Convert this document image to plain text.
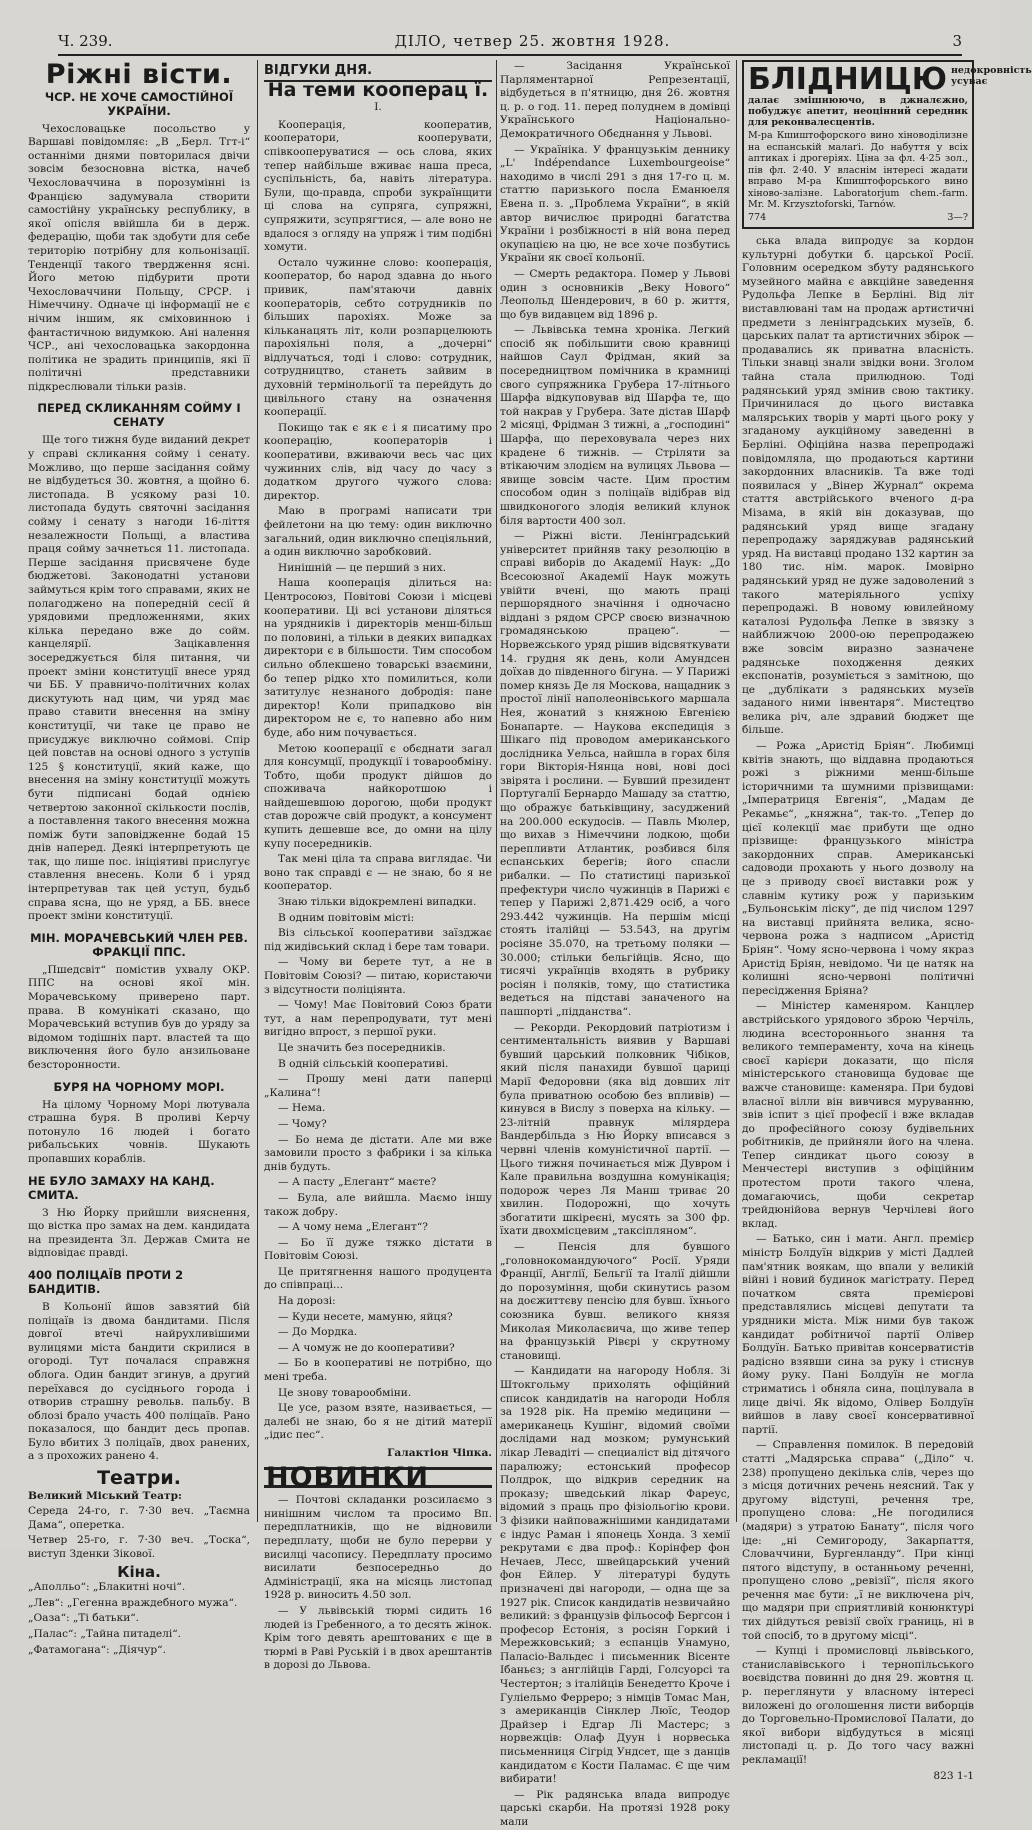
Ч. 239.	ДІЛО, четвер 25. жовтня 1928.	3
Ріжні вісти.
ЧСР. НЕ ХОЧЕ САМОСТІЙНОЇ УКРАЇНИ.

Чехословацьке посольство у Варшаві повідомляє: „В „Берл. Тгт-і“ останніми днями повторилася двічи зовсім безосновна вістка, начеб Чехословаччина в порозумінні із Францією задумувала створити самостійну українську республику, в якої опісля ввійшла би в держ. федерацію, щоби так здобути для себе територію потрібну для кольонізації. Тенденції такого твердження ясні. Його метою підбурити проти Чехословаччини Польщу, СРСР. і Німеччину. Одначе ці інформації не є нічим іншим, як сміховинною і фантастичною видумкою. Ані налення ЧСР., ані чехословацька закордонна політика не зрадить принципів, які її політичні представники підкреслювали тільки разів.

ПЕРЕД СКЛИКАННЯМ СОЙМУ І СЕНАТУ

Ще того тижня буде виданий декрет у справі скликання сойму і сенату. Можливо, що перше засідання сойму не відбудеться 30. жовтня, а щойно 6. листопада. В усякому разі 10. листопада будуть святочні засідання сойму і сенату з нагоди 16-ліття незалежности Польщі, а властива праця сойму зачнеться 11. листопада. Перше засідання присвячене буде бюджетові. Законодатні установи займуться крім того справами, яких не полагоджено на попередній сесії й урядовими предложеннями, яких кілька передано вже до сойм. канцелярії. Зацікавлення зосереджується біля питання, чи проект зміни конституції внесе уряд чи ББ. У правничо-політичних колах дискутують над цим, чи уряд має право ставити внесення на зміну конституції, чи таке це право не присуджує виключно соймові. Спір цей повстав на основі одного з уступів 125 § конституції, який каже, що внесення на зміну конституції можуть бути підписані бодай однією четвертою законної скількости послів, а поставлення такого внесення можна поміж бути заповідженне бодай 15 днів наперед. Деякі інтерпретують це так, що лише пос. ініціятиві прислугує ставлення внесень. Коли б і уряд інтерпретував так цей уступ, будьб справа ясна, що не уряд, а ББ. внесе проект зміни конституції.

МІН. МОРАЧЕВСЬКИЙ ЧЛЕН РЕВ. ФРАКЦІЇ ППС.

„Пшедсвіт“ помістив ухвалу ОКР. ППС на основі якої мін. Морачевському приверено парт. права. В комунікаті сказано, що Морачевський вступив був до уряду за відомом тодішніх парт. властей та що виключення його було анзильоване безсторонности.

БУРЯ НА ЧОРНОМУ МОРІ.

На цілому Чорному Морі лютувала страшна буря. В проливі Керчу потонуло 16 людей і богато рибальських човнів. Шукають пропавших кораблів.

НЕ БУЛО ЗАМАХУ НА КАНД. СМИТА.

З Ню Йорку прийшли вияснення, що вістка про замах на дем. кандидата на президента Зл. Держав Смита не відповідає правді.

400 ПОЛІЦАЇВ ПРОТИ 2 БАНДИТІВ.

В Кольонії йшов завзятий бій поліцаїв із двома бандитами. Після довгої втечі найрухливішими вулицями міста бандити скрилися в огороді. Тут почалася справжня облога. Один бандит згинув, а другий переїхався до сусіднього города і отворив страшну револьв. пальбу. В облозі брало участь 400 поліцаїв. Рано показалося, що бандит десь пропав. Було вбитих 3 поліцаїв, двох ранених, а з прохожих ранено 4.

Театри.

Великий Міський Театр:

Середа 24-го, г. 7·30 веч. „Таємна Дама“, оперетка.

Четвер 25-го, г. 7·30 веч. „Тоска“, виступ Зденки Зікової.

Кіна.

„Аполльо“: „Блакитні ночі“.

„Лев“: „Гегенна враждебного мужа“.

„Оаза“: „Ті батьки“.

„Палас“: „Тайна питаделі“.

„Фатамоганa“: „Діячур“.

ВІДГУКИ ДНЯ.
На теми кооперац ї.
I.

Кооперація, кооператив, кооператори, кооперувати, співкооперуватися — ось слова, яких тепер найбільше вживає наша преса, суспільність, ба, навіть література. Були, що-правда, спроби зукраїнщити ці слова на супряга, супряжні, супряжити, зсупрягтися, — але воно не вдалося з огляду на упряж і тим подібні хомути.

Остало чужинне слово: кооперація, кооператор, бо народ здавна до нього привик, пам'ятаючи давніх кооператорів, себто сотрудників по більших парохіях. Може за кільканацять літ, коли розпарцелюють парохіяльні поля, а „дочерні“ відлучаться, тоді і слово: сотрудник, сотрудництво, станеть зайвим в духовній термінольогії та перейдуть до цивільного стану на означення кооперації.

Покищо так є як є і я писатиму про кооперацію, кооператорів і кооперативи, вживаючи весь час цих чужинних слів, від часу до часу з додатком другого чужого слова: директор.

Маю в програмі написати три фейлетони на цю тему: один виключно загальний, один виключно спеціяльний, а один виключно заробковий.

Нинішній — це перший з них.

Наша кооперація ділиться на: Центросоюз, Повітові Союзи і місцеві кооперативи. Ці всі установи діляться на урядників і директорів менш-більш по половині, а тільки в деяких випадках директори є в більшости. Тим способом сильно облекшено товарські взаємини, бо тепер рідко хто помилиться, коли затитулує незнаного добродія: пане директор! Коли припадково він директором не є, то напевно або ним буде, або ним почувається.

Метою кооперації є обєднати загал для консумції, продукції і товарообміну. Тобто, щоби продукт дійшов до споживача найкоротшою і найдешевшою дорогою, щоби продукт став дорожче свій продукт, а консумент купить дешевше все, до омни на цілу купу посередників.

Так мені ціла та справа виглядає. Чи воно так справді є — не знаю, бо я не кооператор.

Знаю тільки відокремлені випадки.

В одним повітовім місті:

Віз сільської кооперативи заїзджає під жидівський склад і бере там товари.

— Чому ви берете тут, а не в Повітовім Союзі? — питаю, користаючи з відсутности поліціянта.

— Чому! Має Повітовий Союз брати тут, а нам перепродувати, тут мені вигідно впрост, з першої руки.

Це значить без посередників.

В одній сільській кооперативі.

— Прошу мені дати паперці „Калина“!

— Нема.

— Чому?

— Бо нема де дістати. Але ми вже замовили просто з фабрики і за кілька днів будуть.

— А пасту „Елегант“ маєте?

— Була, але вийшла. Маємо іншу також добру.

— А чому нема „Елегант“?

— Бо її дуже тяжко дістати в Повітовім Союзі.

Це притягнення нашого продуцента до співпраці...

На дорозі:

— Куди несете, мамуню, яйця?

— До Мордка.

— А чомуж не до кооперативи?

— Бо в кооперативі не потрібно, що мені треба.

Це знову товарообміни.

Це усе, разом взяте, називається, — далебі не знаю, бо я не дітий матерії „ідис пес“.

Галактіон Чіпка.
НОВИНКИ

— Почтові складанки розсилаємо з нинішним числом та просимо Вп. передплатників, що не відновили передплату, щоби не було перерви у висилці часопису. Передплату просимо висилати безпосередньо до Адміністрації, яка на місяць листопад 1928 р. виносить 4.50 зол.

— У львівській тюрмі сидить 16 людей із Гребенного, а то десять жінок. Крім того девять арештованих є ще в тюрмі в Раві Руській і в двох арештантів в дорозі до Львова.

— Засідання Української Парляментарної Репрезентації, відбудеться в п'ятницю, дня 26. жовтня ц. р. о год. 11. перед полуднем в домівці Українського Національно-Демократичного Обєднання у Львові.

— Україніка. У французькім деннику „L' Indépendance Luxembourgeoise“ находимо в числі 291 з дня 17-го ц. м. статтю паризького посла Еманюеля Евена п. з. „Проблема України“, в якій автор вичислює природні багатства України і розбіжності в ній вона перед окупацією на цю, не все хоче позбутись України як своєї кольонії.

— Смерть редактора. Помер у Львові один з основників „Веку Нового“ Леопольд Шендерович, в 60 р. життя, що був видавцем від 1896 р.

— Львівська темна хроніка. Легкий спосіб як побільшити свою кравниці найшов Саул Фрідман, який за посередництвом помічника в крамниці свого супряжника Грубера 17-літнього Шарфа відкуповував від Шарфа те, що той накрав у Грубера. Зате дістав Шарф 2 місяці, Фрідман 3 тижні, а „господині“ Шарфа, що переховувала через них крадене 6 тижнів. — Стріляти за втікаючим злодієм на вулицях Львова — явище зовсім часте. Цим простим способом один з поліцаїв відібрав від швидконогого злодія великий клунок біля вартости 400 зол.

— Ріжні вісти. Ленінградський університет прийняв таку резолюцію в справі виборів до Академії Наук: „До Всесоюзної Академії Наук можуть увійти вчені, що мають праці першорядного значіння і одночасно віддані з рядом СРСР своєю визначною громадянською працею“. — Норвежського уряд рішив відсвяткувати 14. грудня як день, коли Амундсен доїхав до південного бігуна. — У Парижі помер князь Де ля Москова, нащадник з простої лінії наполеонівського маршала Нея, жонатий з княжною Евгенією Бонапарте. — Наукова експедиція з Шікаго під проводом американського дослідника Уельса, найшла в горах біля гори Вікторія-Нянца нові, нові досі звірята і рослини. — Бувший президент Португалії Бернардо Машаду за статтю, що ображує батьківщину, засуджений на 200.000 ескудосів. — Павль Мюлер, що вихав з Німеччини лодкою, щоби перепливти Атлантик, розбився біля еспанських берегів; його спасли рибалки. — По статистиці паризької префектури число чужинців в Парижі є тепер у Парижі 2,871.429 осіб, а чого 293.442 чужинців. На першім місці стоять італійці — 53.543, на другім росіяне 35.070, на третьому поляки — 30.000; стільки бельгійців. Ясно, що тисячі українців входять в рубрику росіян і поляків, тому, що статистика ведеться на підставі заначеного на пашпорті „підданства“.

— Рекорди. Рекордовий патріотизм і сентиментальність виявив у Варшаві бувший царський полковник Чібіков, який після панахиди бувшої цариці Марії Федоровни (яка від довших літ була приватною особою без впливів) — кинувся в Вислу з поверха на кільку. — 23-літній правнук мілярдера Вандербільда з Ню Йорку вписався з червні членів комуністичної партії. — Цього тижня починається між Дувром і Кале правильна воздушна комунікація; подорож через Ля Манш триває 20 хвилин. Подорожні, що хочуть збогатити шкіреєні, мусять за 300 фр. їхати двохмісцевим „таксіпляном“.

— Пенсія для бувшого „головнокомандуючого“ Росії. Уряди Франції, Англії, Бельгії та Італії дійшли до порозуміння, щоби скинутись разом на доєжиттєву пенсію для бувш. їхнього союзника бувш. великого князя Миколая Миколаєвича, що живе тепер на французькій Рівєрі у скрутному становищі.

— Кандидати на нагороду Нобля. Зі Штокгольму прихолять офіційний список кандидатів на нагороди Нобля за 1928 рік. На премію медицини — американець Кушінг, відомий своїми дослідами над мозком; румунський лікар Левадіті — специаліст від дітячого паралюжу; естонський професор Полдрок, що відкрив середник на проказу; шведський лікар Фареус, відомий з праць про фізіольогію крови. З фізики найповажнішими кандидатами є індус Раман і японець Хонда. З хемії рекрутами є два проф.: Корінфер фон Нечаев, Лесс, швейцарський учений фон Ейлер. У літературі будуть призначені дві нагороди, — одна ще за 1927 рік. Список кандидатів незвичайно великий: з французів фільософ Бергсон і професор Естонія, з росіян Горкий і Мережковський; з еспанців Унамуно, Паласіо-Вальдес і письменник Вісенте Ібаньєз; з англійців Гарді, Голсуорсі та Честертон; з італійців Бенедетто Кроче і Гуліельмо Ферреро; з німців Томас Ман, з американців Сінклер Люїс, Теодор Драйзер і Едгар Лі Мастерс; з норвежців: Олаф Дуун і норвеська письменниця Сігрід Ундсет, ще з данців кандидатом є Кости Паламас. Є ще чим вибирати!

— Рік радянська влада випродує царські скарби. На протязі 1928 року мали

БЛІДНИЦЮ недокровність усуває
далає змішнюючо, в джналєжно, побуджує апетит, неоцінний середник для реконвалесцентів.
М-ра Кшиштофорского вино хіноводілизне на еспанській малаґі. До набуття у всіх аптиках і дрогеріях. Ціна за фл. 4·25 зол., пів фл. 2·40. У власнім інтересі жадати вправо М-ра Кшиштофорського вино хіново-залізне. Laboratorjum chem.-farm. Mr. M. Krzysztoforski, Tarnów.
774	3—?

ська влада випродує за кордон культурні добутки б. царської Росії. Головним осередком збуту радянського музейного майна є авкційне заведення Рудольфа Лепке в Берліні. Від літ виставлювані там на продаж артистичні предмети з ленінградських музеїв, б. царських палат та артистичних збірок — продавались як приватна власність. Тільки знавці знали звідки вони. Зголом тайна стала прилюдною. Тоді радянський уряд змінив свою тактику. Причинилася до цього виставка малярських творів у марті цього року у згаданому аукційному заведенні в Берліні. Офіційна назва перепродажі повідомляла, що продаються картини закордонних власників. Та вже тоді появилася у „Вінер Журнал“ окрема стаття австрійського вченого д-ра Мізама, в якій він доказував, що радянський уряд вище згадану перепродажу заряджував радянський уряд. На виставці продано 132 картин за 180 тис. нім. марок. Імовірно радянський уряд не дуже задоволений з такого матеріяльного успіху перепродажі. В новому ювилейному каталозі Рудольфа Лепке в звязку з найближчою 2000-ою перепродажею вже зовсім виразно зазначене радянське походження деяких експонатів, розуміється з замітною, що це „дублікати з радянських музеїв заданого ними інвентаря“. Мистецтво велика річ, але здравий бюджет ще більше.

— Рожа „Аристід Бріян“. Любимці квітів знають, що віддавна продаються рожі з ріжними менш-більше історичними та шумними прізвищами: „Імператриця Евгенія“, „Мадам де Рекамьє“, „княжна“, так-то. „Тепер до цієї колекції має прибути ще одно прізвище: французького міністра закордонних справ. Американські садоводи прохають у нього дозволу на це з приводу своєї виставки рож у славнім кутику рож у паризьким „Бульонськім ліску“, де під числом 1297 на виставці прийнята велика, ясно-червона рожа з надписом „Аристід Бріян“. Чому ясно-червона і чому якраз Аристід Бріян, невідомо. Чи це натяк на колишні ясно-червоні політичні пересідження Бріяна?

— Міністер каменяром. Канцлер австрійського урядового зброю Черчіль, людина всестороннього знання та великого темпераменту, хоча на кінець своєї карієри доказати, що після міністерського становища будоває ще важче становище: каменяра. При будові власної вілли він вивчився муруванню, звів іспит з цієї професії і вже вкладав до професійного союзу будівельних робітників, де прийняли його на члена. Тепер синдикат цього союзу в Менчестері виступив з офіційним протестом проти такого члена, домагаючись, щоби секретар трейдюнійова вернув Черчілеві його вклад.

— Батько, син і мати. Англ. премієр міністр Болдуїн відкрив у місті Дадлей пам'ятник воякам, що впали у великій війні і новий будинок магістрату. Перед початком свята премієрові представлялись місцеві депутати та урядники міста. Між ними був також кандидат робітничої партії Олівер Болдуїн. Батько привітав консерватистів радісно взявши сина за руку і стиснув йому руку. Пані Болдуїн не могла стриматись і обняла сина, поцілувала в лице двічі. Як відомо, Олівер Болдуїн вийшов в лаву своєї консервативної партії.

— Справлення помилок. В передовій статті „Мадярська справа“ („Діло“ ч. 238) пропущено декілька слів, через що з місця дотичних речень неясний. Так у другому відступі, речення тре, пропущено слова: „Не погодилися (мадяри) з утратою Банату“, після чого іде: „ні Семигороду, Закарпаття, Словаччини, Бургенланду“. При кінці пятого відступу, в останньому реченні, пропущено слово „ревізії“, після якого речення має бути: „ї не виключена річ, що мадяри при сприятливій конюнктурі тих дійдуться ревізії своїх границь, ні в той спосіб, то в другому місці“.

— Купці і промисловці львівського, станиславівського і тернопільського воєвідства повинні до дня 29. жовтня ц. р. переглянути у власному інтересі виложені до оголошення листи виборців до Торговельно-Промислової Палати, до якої вибори відбудуться в місяці листопаді ц. р. До того часу важні рекламації!

823 1-1
